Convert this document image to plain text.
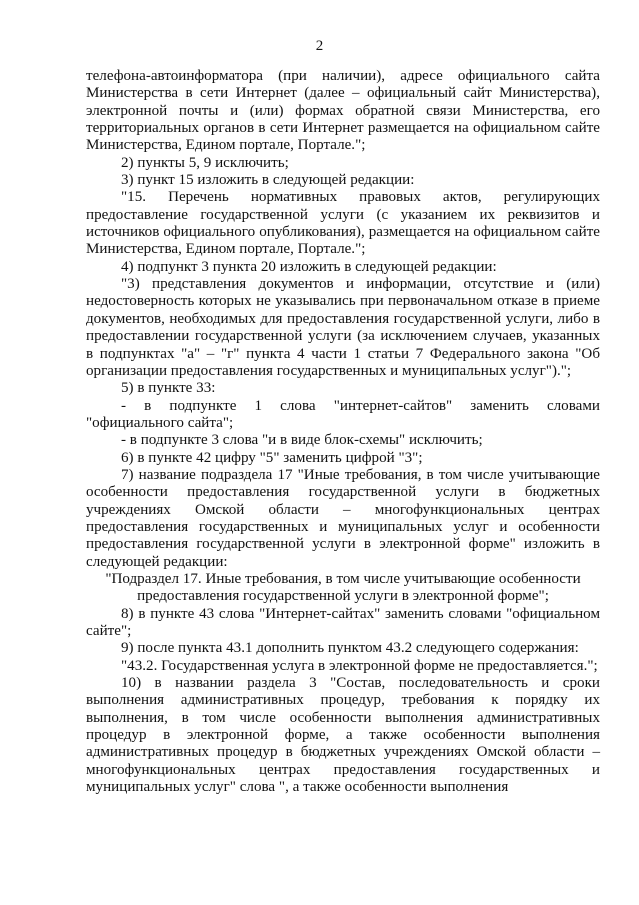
2

телефона-автоинформатора (при наличии), адресе официального сайта Министерства в сети Интернет (далее – официальный сайт Министерства), электронной почты и (или) формах обратной связи Министерства, его территориальных органов в сети Интернет размещается на официальном сайте Министерства, Едином портале, Портале.";

2) пункты 5, 9 исключить;

3) пункт 15 изложить в следующей редакции:

"15. Перечень нормативных правовых актов, регулирующих предоставление государственной услуги (с указанием их реквизитов и источников официального опубликования), размещается на официальном сайте Министерства, Едином портале, Портале.";

4) подпункт 3 пункта 20 изложить в следующей редакции:

"3) представления документов и информации, отсутствие и (или) недостоверность которых не указывались при первоначальном отказе в приеме документов, необходимых для предоставления государственной услуги, либо в предоставлении государственной услуги (за исключением случаев, указанных в подпунктах "а" – "г" пункта 4 части 1 статьи 7 Федерального закона "Об организации предоставления государственных и муниципальных услуг").";

5) в пункте 33:

- в подпункте 1 слова "интернет-сайтов" заменить словами "официального сайта";

- в подпункте 3 слова "и в виде блок-схемы" исключить;

6) в пункте 42 цифру "5" заменить цифрой "3";

7) название подраздела 17 "Иные требования, в том числе учитывающие особенности предоставления государственной услуги в бюджетных учреждениях Омской области – многофункциональных центрах предоставления государственных и муниципальных услуг и особенности предоставления государственной услуги в электронной форме" изложить в следующей редакции:

"Подраздел 17. Иные требования, в том числе учитывающие особенности

предоставления государственной услуги в электронной форме";

8) в пункте 43 слова "Интернет-сайтах" заменить словами "официальном сайте";

9) после пункта 43.1 дополнить пунктом 43.2 следующего содержания:

"43.2. Государственная услуга в электронной форме не предоставляется.";

10) в названии раздела 3 "Состав, последовательность и сроки выполнения административных процедур, требования к порядку их выполнения, в том числе особенности выполнения административных процедур в электронной форме, а также особенности выполнения административных процедур в бюджетных учреждениях Омской области – многофункциональных центрах предоставления государственных и муниципальных услуг" слова ", а также особенности выполнения
